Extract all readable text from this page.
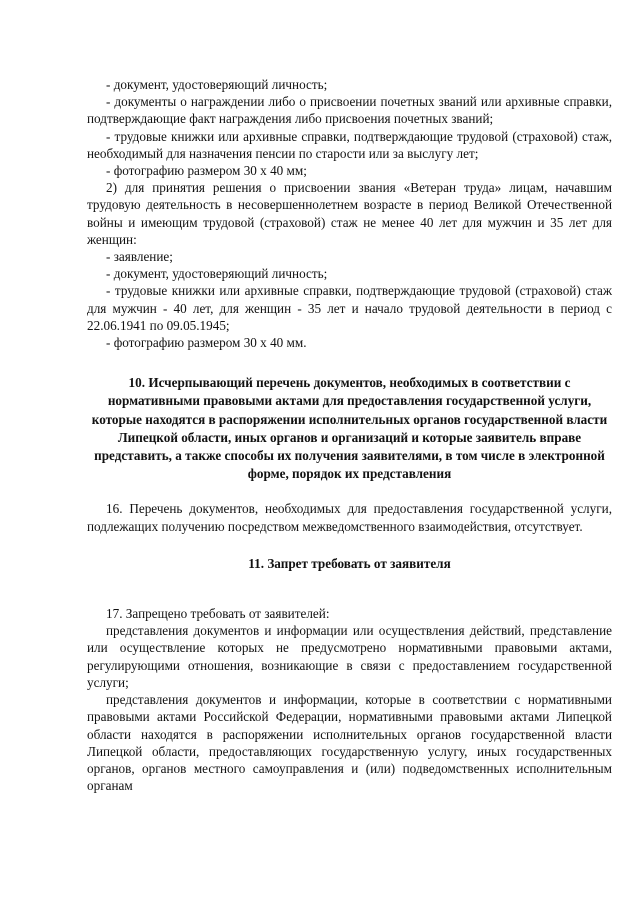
- документ, удостоверяющий личность;

- документы о награждении либо о присвоении почетных званий или архивные справки, подтверждающие факт награждения либо присвоения почетных званий;

- трудовые книжки или архивные справки, подтверждающие трудовой (страховой) стаж, необходимый для назначения пенсии по старости или за выслугу лет;

- фотографию размером 30 х 40 мм;

2) для принятия решения о присвоении звания «Ветеран труда» лицам, начавшим трудовую деятельность в несовершеннолетнем возрасте в период Великой Отечественной войны и имеющим трудовой (страховой) стаж не менее 40 лет для мужчин и 35 лет для женщин:

- заявление;

- документ, удостоверяющий личность;

- трудовые книжки или архивные справки, подтверждающие трудовой (страховой) стаж для мужчин - 40 лет, для женщин - 35 лет и начало трудовой деятельности в период с 22.06.1941 по 09.05.1945;

- фотографию размером 30 х 40 мм.

10. Исчерпывающий перечень документов, необходимых в соответствии с нормативными правовыми актами для предоставления государственной услуги, которые находятся в распоряжении исполнительных органов государственной власти Липецкой области, иных органов и организаций и которые заявитель вправе представить, а также способы их получения заявителями, в том числе в электронной форме, порядок их представления

16. Перечень документов, необходимых для предоставления государственной услуги, подлежащих получению посредством межведомственного взаимодействия, отсутствует.

11. Запрет требовать от заявителя

17. Запрещено требовать от заявителей:

представления документов и информации или осуществления действий, представление или осуществление которых не предусмотрено нормативными правовыми актами, регулирующими отношения, возникающие в связи с предоставлением государственной услуги;

представления документов и информации, которые в соответствии с нормативными правовыми актами Российской Федерации, нормативными правовыми актами Липецкой области находятся в распоряжении исполнительных органов государственной власти Липецкой области, предоставляющих государственную услугу, иных государственных органов, органов местного самоуправления и (или) подведомственных исполнительным органам
